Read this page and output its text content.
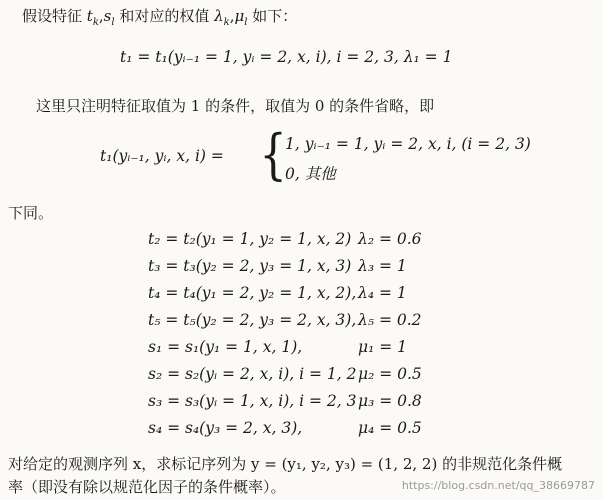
假设特征 $t_k,s_l$ 和对应的权值 $\lambda_k,\mu_l$ 如下：
t₁ = t₁(yᵢ₋₁ = 1, yᵢ = 2, x, i), i = 2, 3, λ₁ = 1
这里只注明特征取值为 1 的条件，取值为 0 的条件省略，即
t₁(yᵢ₋₁, yᵢ, x, i) = {
1, yᵢ₋₁ = 1, yᵢ = 2, x, i, (i = 2, 3)
0, 其他
下同。
t₂ = t₂(y₁ = 1, y₂ = 1, x, 2) λ₂ = 0.6
t₃ = t₃(y₂ = 2, y₃ = 1, x, 3) λ₃ = 1
t₄ = t₄(y₁ = 2, y₂ = 1, x, 2), λ₄ = 1
t₅ = t₅(y₂ = 2, y₃ = 2, x, 3), λ₅ = 0.2
s₁ = s₁(y₁ = 1, x, 1),	μ₁ = 1
s₂ = s₂(yᵢ = 2, x, i), i = 1, 2 μ₂ = 0.5
s₃ = s₃(yᵢ = 1, x, i), i = 2, 3 μ₃ = 0.8
s₄ = s₄(y₃ = 2, x, 3),	μ₄ = 0.5
对给定的观测序列 x，求标记序列为 y = (y₁, y₂, y₃) = (1, 2, 2) 的非规范化条件概
率（即没有除以规范化因子的条件概率）。	https://blog.csdn.net/qq_38669787
